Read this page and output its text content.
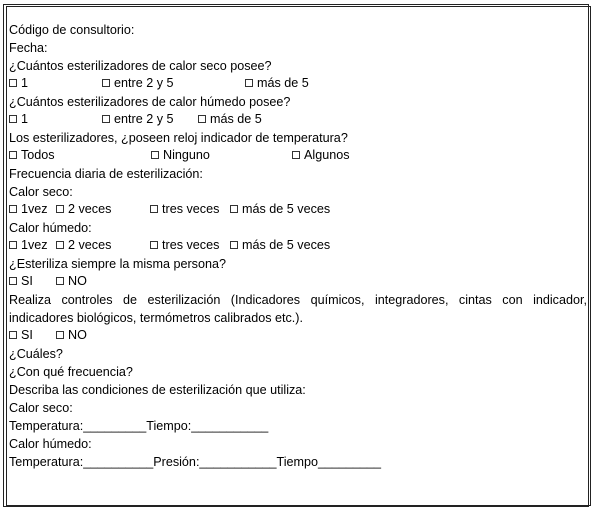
Código de consultorio:
Fecha:
¿Cuántos esterilizadores de calor seco posee?
1	entre 2 y 5	más de 5
¿Cuántos esterilizadores de calor húmedo posee?
1	entre 2 y 5	más de 5
Los esterilizadores, ¿poseen reloj indicador de temperatura?
Todos	Ninguno	Algunos
Frecuencia diaria de esterilización:
Calor seco:
1vez	2 veces	tres veces	más de 5 veces
Calor húmedo:
1vez	2 veces	tres veces	más de 5 veces
¿Esteriliza siempre la misma persona?
SI	NO
Realiza controles de esterilización (Indicadores químicos, integradores, cintas con indicador,
indicadores biológicos, termómetros calibrados etc.).
SI	NO
¿Cuáles?
¿Con qué frecuencia?
Describa las condiciones de esterilización que utiliza:
Calor seco:
Temperatura:_________Tiempo:___________
Calor húmedo:
Temperatura:__________Presión:___________Tiempo_________
